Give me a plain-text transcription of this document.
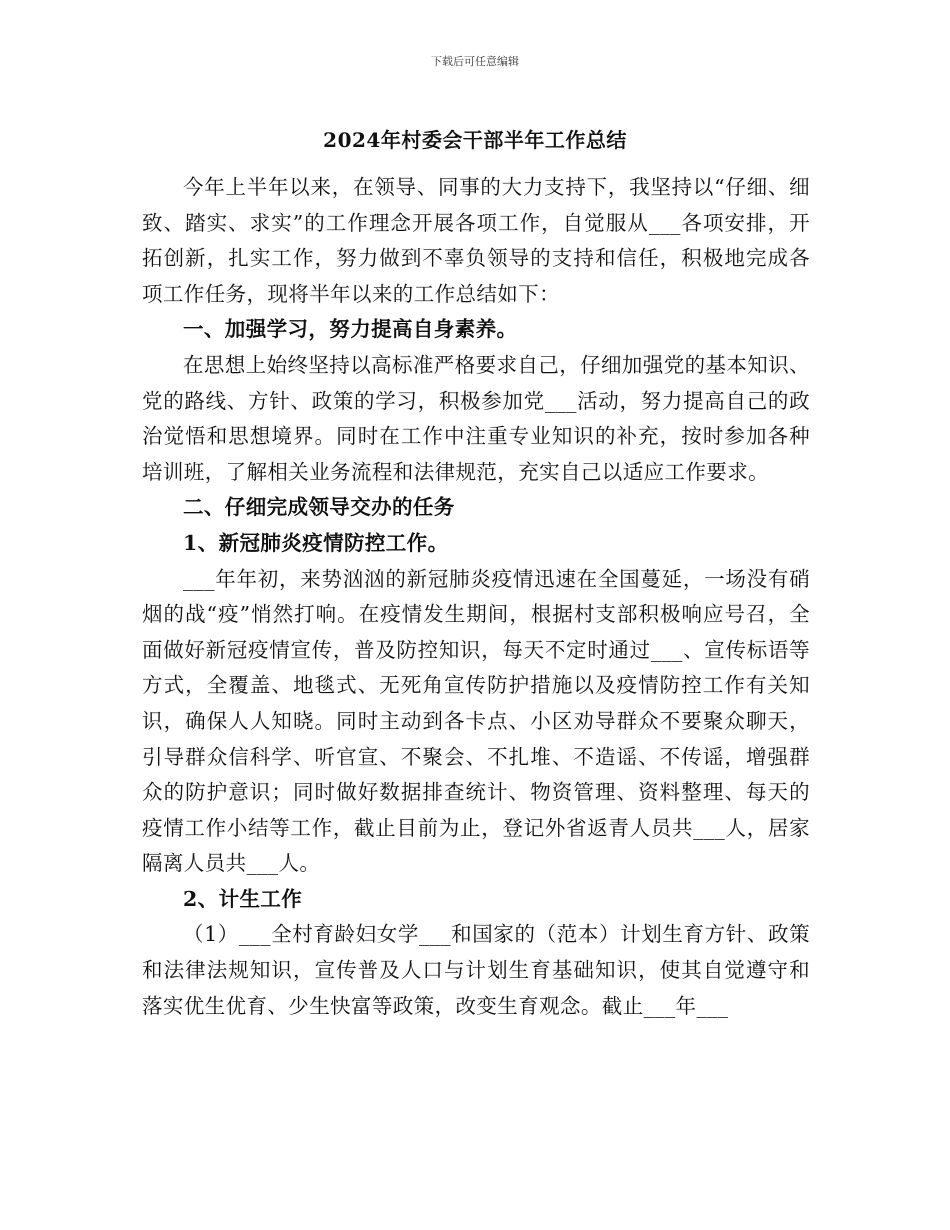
下载后可任意编辑
2024年村委会干部半年工作总结

今年上半年以来，在领导、同事的大力支持下，我坚持以“仔细、细致、踏实、求实”的工作理念开展各项工作，自觉服从___各项安排，开拓创新，扎实工作，努力做到不辜负领导的支持和信任，积极地完成各项工作任务，现将半年以来的工作总结如下：

一、加强学习，努力提高自身素养。

在思想上始终坚持以高标准严格要求自己，仔细加强党的基本知识、党的路线、方针、政策的学习，积极参加党___活动，努力提高自己的政治觉悟和思想境界。同时在工作中注重专业知识的补充，按时参加各种培训班，了解相关业务流程和法律规范，充实自己以适应工作要求。

二、仔细完成领导交办的任务

1、新冠肺炎疫情防控工作。

___年年初，来势汹汹的新冠肺炎疫情迅速在全国蔓延，一场没有硝烟的战“疫”悄然打响。在疫情发生期间，根据村支部积极响应号召，全面做好新冠疫情宣传，普及防控知识，每天不定时通过___、宣传标语等方式，全覆盖、地毯式、无死角宣传防护措施以及疫情防控工作有关知识，确保人人知晓。同时主动到各卡点、小区劝导群众不要聚众聊天，引导群众信科学、听官宣、不聚会、不扎堆、不造谣、不传谣，增强群众的防护意识；同时做好数据排查统计、物资管理、资料整理、每天的疫情工作小结等工作，截止目前为止，登记外省返青人员共___人，居家隔离人员共___人。

2、计生工作

（1）___全村育龄妇女学___和国家的（范本）计划生育方针、政策和法律法规知识，宣传普及人口与计划生育基础知识，使其自觉遵守和落实优生优育、少生快富等政策，改变生育观念。截止___年___
